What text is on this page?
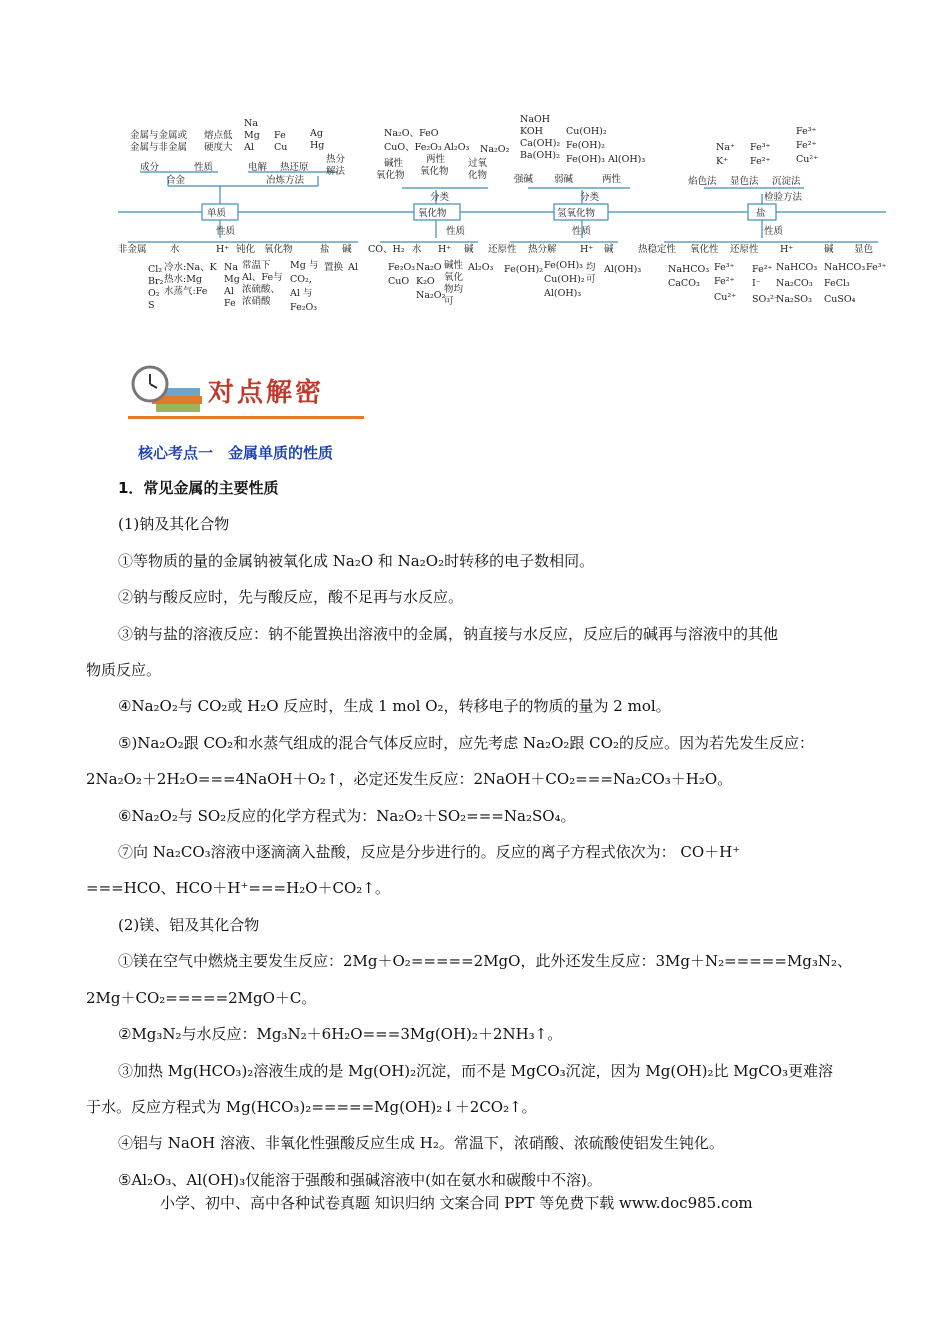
单质	氧化物	氢氧化物	盐
合金	冶炼方法
成分	性质
金属与金属或
金属与非金属
熔点低
硬度大
电解 热还原
热分
解法
Na
Mg
Al
Fe
Cu
Ag
Hg
性质
非金属 水	H⁺ 钝化 氧化物	盐 碱
Cl₂
Br₂
O₂
S
冷水:Na、K
热水:Mg
水蒸气:Fe
Na
Mg
Al
Fe
常温下
Al、Fe与
浓硫酸、
浓硝酸
Mg 与
CO₂,
Al 与
Fe₂O₃
置换 Al
分类
碱性
氧化物
两性
氧化物
过氧
化物
Na₂O、FeO
CuO、Fe₂O₃ Al₂O₃ Na₂O₂
性质
CO、H₂ 水 H⁺ 碱
Fe₂O₃
CuO
Na₂O
K₂O
Na₂O₂
碱性
氧化
物均
可
Al₂O₃
分类
强碱 弱碱	两性
NaOH
KOH
Ca(OH)₂
Ba(OH)₂
Cu(OH)₂
Fe(OH)₂
Fe(OH)₃ Al(OH)₃
性质
还原性 热分解 H⁺ 碱
Fe(OH)₂ Fe(OH)₃
Cu(OH)₂
Al(OH)₃
均
可
Al(OH)₃
检验方法
焰色法 显色法 沉淀法
Na⁺
K⁺
Fe³⁺
Fe²⁺
Fe³⁺
Fe²⁺
Cu²⁺
性质
热稳定性 氧化性 还原性 H⁺	碱 显色
NaHCO₃
CaCO₃
Fe³⁺
Fe²⁺
Cu²⁺
Fe²⁺
I⁻
SO₃²⁻
NaHCO₃
Na₂CO₃
Na₂SO₃
NaHCO₃
FeCl₃
CuSO₄
Fe³⁺
对点解密
核心考点一　金属单质的性质

1．常见金属的主要性质

(1)钠及其化合物

①等物质的量的金属钠被氧化成 Na₂O 和 Na₂O₂时转移的电子数相同。

②钠与酸反应时，先与酸反应，酸不足再与水反应。

③钠与盐的溶液反应：钠不能置换出溶液中的金属，钠直接与水反应，反应后的碱再与溶液中的其他

物质反应。

④Na₂O₂与 CO₂或 H₂O 反应时，生成 1 mol O₂，转移电子的物质的量为 2 mol。

⑤)Na₂O₂跟 CO₂和水蒸气组成的混合气体反应时，应先考虑 Na₂O₂跟 CO₂的反应。因为若先发生反应：

2Na₂O₂＋2H₂O===4NaOH＋O₂↑，必定还发生反应：2NaOH＋CO₂===Na₂CO₃＋H₂O。

⑥Na₂O₂与 SO₂反应的化学方程式为：Na₂O₂＋SO₂===Na₂SO₄。

⑦向 Na₂CO₃溶液中逐滴滴入盐酸，反应是分步进行的。反应的离子方程式依次为： CO＋H⁺

===HCO、HCO＋H⁺===H₂O＋CO₂↑。

(2)镁、铝及其化合物

①镁在空气中燃烧主要发生反应：2Mg＋O₂=====2MgO，此外还发生反应：3Mg＋N₂=====Mg₃N₂、

2Mg＋CO₂=====2MgO＋C。

②Mg₃N₂与水反应：Mg₃N₂＋6H₂O===3Mg(OH)₂＋2NH₃↑。

③加热 Mg(HCO₃)₂溶液生成的是 Mg(OH)₂沉淀，而不是 MgCO₃沉淀，因为 Mg(OH)₂比 MgCO₃更难溶

于水。反应方程式为 Mg(HCO₃)₂=====Mg(OH)₂↓＋2CO₂↑。

④铝与 NaOH 溶液、非氧化性强酸反应生成 H₂。常温下，浓硝酸、浓硫酸使铝发生钝化。

⑤Al₂O₃、Al(OH)₃仅能溶于强酸和强碱溶液中(如在氨水和碳酸中不溶)。

小学、初中、高中各种试卷真题 知识归纳 文案合同 PPT 等免费下载 www.doc985.com
